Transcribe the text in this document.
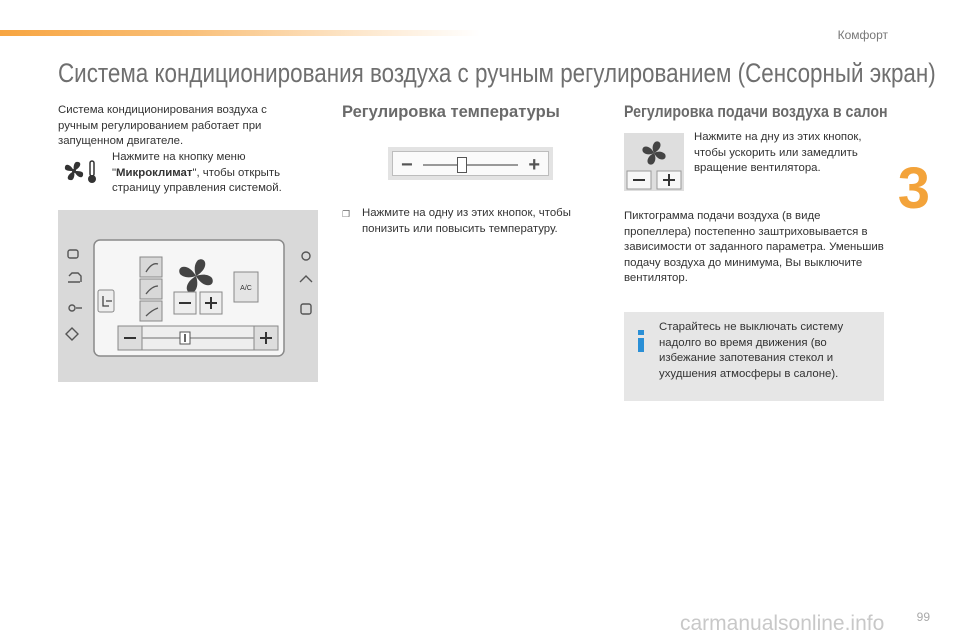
Комфорт
3
Система кондиционирования воздуха с ручным регулированием (Сенсорный экран)
Система кондиционирования воздуха с ручным регулированием работает при запущенном двигателе.
Нажмите на кнопку меню "Микроклимат", чтобы открыть страницу управления системой.
A/C
Регулировка температуры
−	+
❐ Нажмите на одну из этих кнопок, чтобы понизить или повысить температуру.
Регулировка подачи воздуха в салон
Нажмите на дну из этих кнопок, чтобы ускорить или замедлить вращение вентилятора.
Пиктограмма подачи воздуха (в виде пропеллера) постепенно заштриховывается в зависимости от заданного параметра. Уменьшив подачу воздуха до минимума, Вы выключите вентилятор.
Старайтесь не выключать систему надолго во время движения (во избежание запотевания стекол и ухудшения атмосферы в салоне).
carmanualsonline.info	99
